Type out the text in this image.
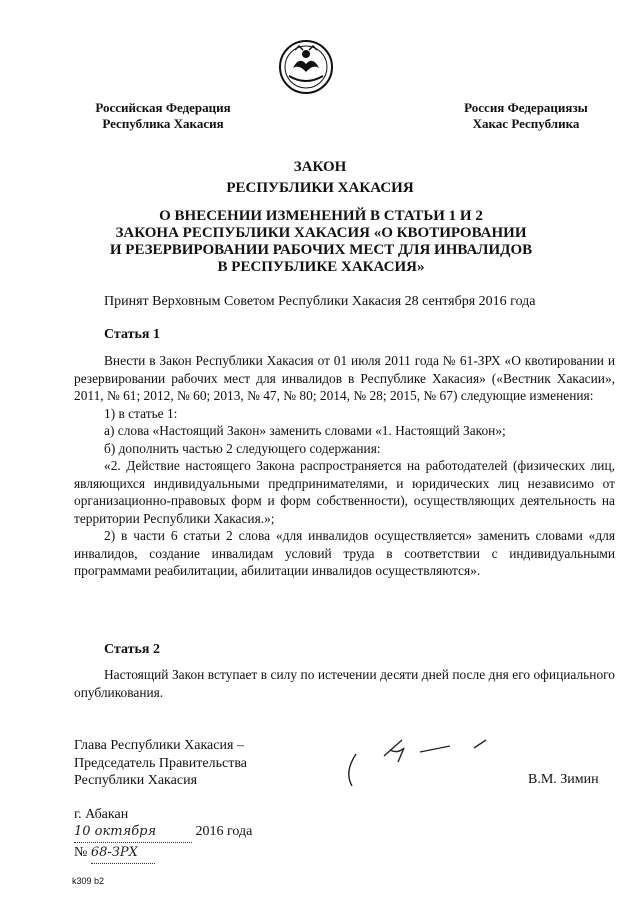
Российская Федерация
Республика Хакасия
Россия Федерациязы
Хакас Республика
ЗАКОН
РЕСПУБЛИКИ ХАКАСИЯ
О ВНЕСЕНИИ ИЗМЕНЕНИЙ В СТАТЬИ 1 И 2
ЗАКОНА РЕСПУБЛИКИ ХАКАСИЯ «О КВОТИРОВАНИИ
И РЕЗЕРВИРОВАНИИ РАБОЧИХ МЕСТ ДЛЯ ИНВАЛИДОВ
В РЕСПУБЛИКЕ ХАКАСИЯ»
Принят Верховным Советом Республики Хакасия 28 сентября 2016 года
Статья 1

Внести в Закон Республики Хакасия от 01 июля 2011 года № 61-ЗРХ «О квотировании и резервировании рабочих мест для инвалидов в Республике Хакасия» («Вестник Хакасии», 2011, № 61; 2012, № 60; 2013, № 47, № 80; 2014, № 28; 2015, № 67) следующие изменения:

1) в статье 1:

а) слова «Настоящий Закон» заменить словами «1. Настоящий Закон»;

б) дополнить частью 2 следующего содержания:

«2. Действие настоящего Закона распространяется на работодателей (физических лиц, являющихся индивидуальными предпринимателями, и юридических лиц независимо от организационно-правовых форм и форм собственности), осуществляющих деятельность на территории Республики Хакасия.»;

2) в части 6 статьи 2 слова «для инвалидов осуществляется» заменить словами «для инвалидов, создание инвалидам условий труда в соответствии с индивидуальными программами реабилитации, абилитации инвалидов осуществляются».

Статья 2

Настоящий Закон вступает в силу по истечении десяти дней после дня его официального опубликования.

Глава Республики Хакасия –
Председатель Правительства
Республики Хакасия	В.М. Зимин
г. Абакан
10 октября	2016 года
№ 68-ЗРХ
k309 b2
